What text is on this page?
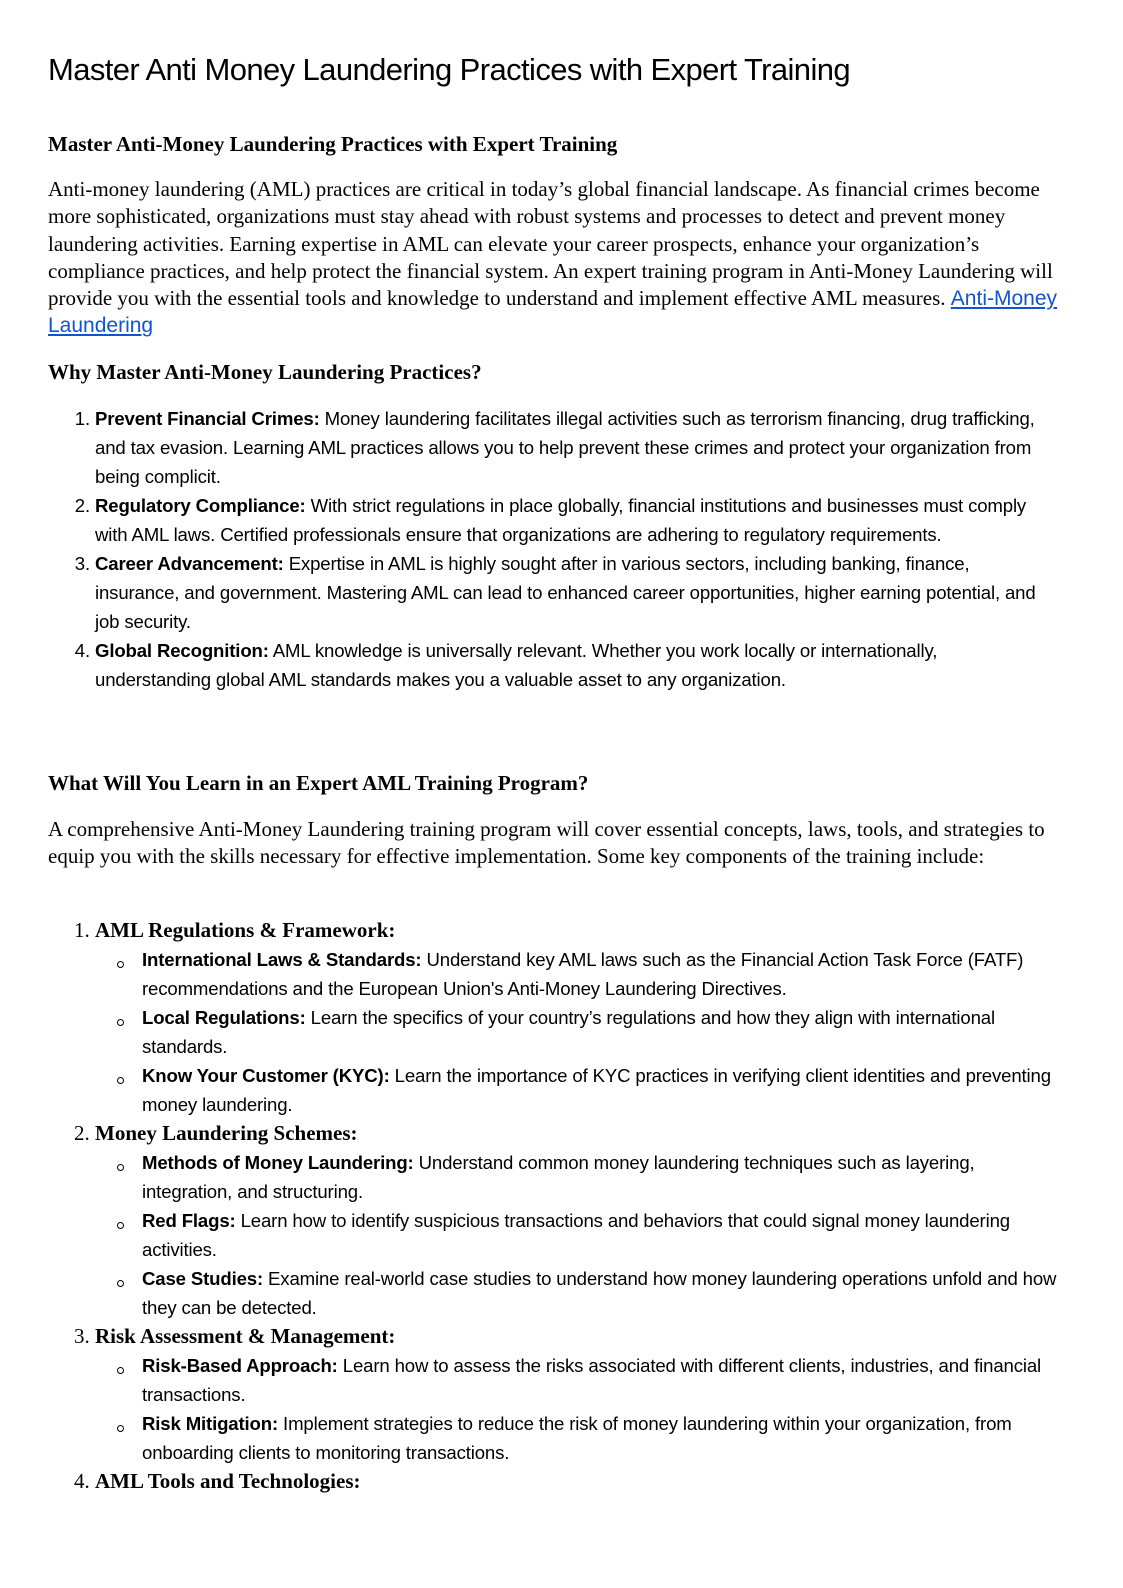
Master Anti Money Laundering Practices with Expert Training
Master Anti-Money Laundering Practices with Expert Training

Anti-money laundering (AML) practices are critical in today’s global financial landscape. As financial crimes become more sophisticated, organizations must stay ahead with robust systems and processes to detect and prevent money laundering activities. Earning expertise in AML can elevate your career prospects, enhance your organization’s compliance practices, and help protect the financial system. An expert training program in Anti-Money Laundering will provide you with the essential tools and knowledge to understand and implement effective AML measures. Anti-Money Laundering

Why Master Anti-Money Laundering Practices?
1. Prevent Financial Crimes: Money laundering facilitates illegal activities such as terrorism financing, drug trafficking, and tax evasion. Learning AML practices allows you to help prevent these crimes and protect your organization from being complicit.
2. Regulatory Compliance: With strict regulations in place globally, financial institutions and businesses must comply with AML laws. Certified professionals ensure that organizations are adhering to regulatory requirements.
3. Career Advancement: Expertise in AML is highly sought after in various sectors, including banking, finance, insurance, and government. Mastering AML can lead to enhanced career opportunities, higher earning potential, and job security.
4. Global Recognition: AML knowledge is universally relevant. Whether you work locally or internationally, understanding global AML standards makes you a valuable asset to any organization.
What Will You Learn in an Expert AML Training Program?

A comprehensive Anti-Money Laundering training program will cover essential concepts, laws, tools, and strategies to equip you with the skills necessary for effective implementation. Some key components of the training include:

1. AML Regulations & Framework:
International Laws & Standards: Understand key AML laws such as the Financial Action Task Force (FATF) recommendations and the European Union's Anti-Money Laundering Directives.
Local Regulations: Learn the specifics of your country’s regulations and how they align with international standards.
Know Your Customer (KYC): Learn the importance of KYC practices in verifying client identities and preventing money laundering.
2. Money Laundering Schemes:
Methods of Money Laundering: Understand common money laundering techniques such as layering, integration, and structuring.
Red Flags: Learn how to identify suspicious transactions and behaviors that could signal money laundering activities.
Case Studies: Examine real-world case studies to understand how money laundering operations unfold and how they can be detected.
3. Risk Assessment & Management:
Risk-Based Approach: Learn how to assess the risks associated with different clients, industries, and financial transactions.
Risk Mitigation: Implement strategies to reduce the risk of money laundering within your organization, from onboarding clients to monitoring transactions.
4. AML Tools and Technologies:
